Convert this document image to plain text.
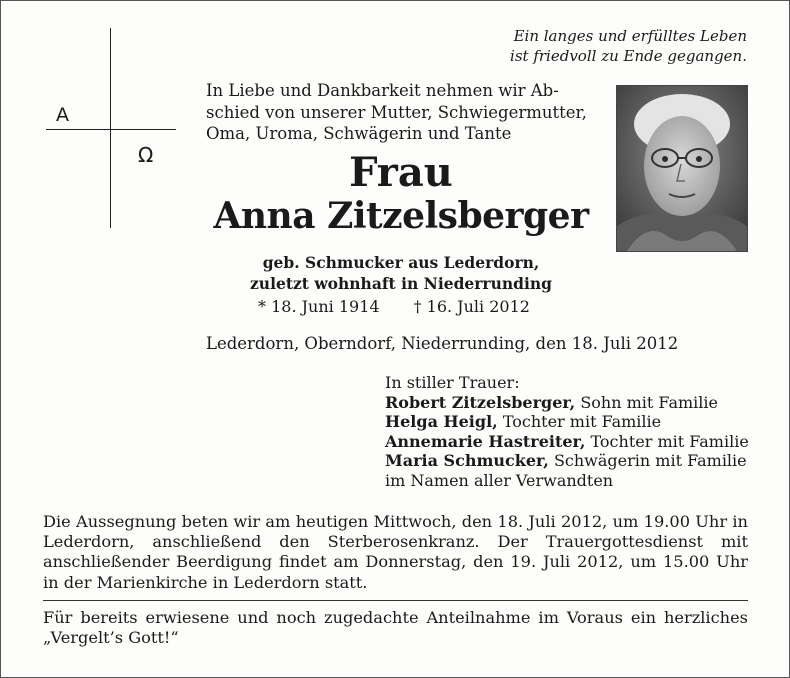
Ein langes und erfülltes Leben
ist friedvoll zu Ende gegangen.
A
Ω
In Liebe und Dankbarkeit nehmen wir Ab-
schied von unserer Mutter, Schwiegermutter,
Oma, Uroma, Schwägerin und Tante
Frau
Anna Zitzelsberger
geb. Schmucker aus Lederdorn,
zuletzt wohnhaft in Niederrunding
* 18. Juni 1914 † 16. Juli 2012
Lederdorn, Oberndorf, Niederrunding, den 18. Juli 2012
In stiller Trauer:
Robert Zitzelsberger, Sohn mit Familie
Helga Heigl, Tochter mit Familie
Annemarie Hastreiter, Tochter mit Familie
Maria Schmucker, Schwägerin mit Familie
im Namen aller Verwandten
Die Aussegnung beten wir am heutigen Mittwoch, den 18. Juli 2012, um 19.00 Uhr in Lederdorn, anschließend den Sterberosenkranz. Der Trauergottesdienst mit anschließender Beerdigung findet am Donnerstag, den 19. Juli 2012, um 15.00 Uhr in der Marienkirche in Lederdorn statt.
Für bereits erwiesene und noch zugedachte Anteilnahme im Voraus ein herzliches „Vergelt’s Gott!“
